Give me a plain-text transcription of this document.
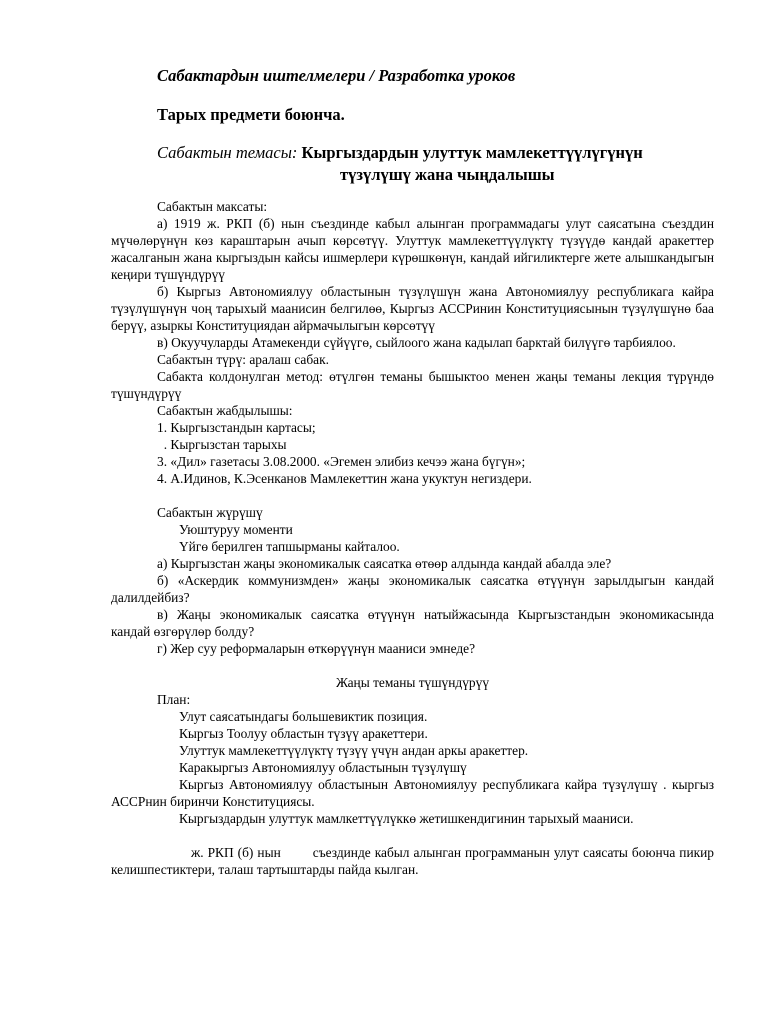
Сабактардын иштелмелери / Разработка уроков
Тарых предмети боюнча.
Сабактын темасы: Кыргыздардын улуттук мамлекеттүүлүгүнүн
түзүлүшү жана чыңдалышы

Сабактын максаты:

а) 1919 ж. РКП (б) нын съездинде кабыл алынган программадагы улут саясатына съезддин мүчөлөрүнүн көз караштарын ачып көрсөтүү. Улуттук мамлекеттүүлүктү түзүүдө кандай аракеттер жасалганын жана кыргыздын кайсы ишмерлери күрөшкөнүн, кандай ийгиликтерге жете алышкандыгын кеңири түшүндүрүү

б) Кыргыз Автономиялуу областынын түзүлүшүн жана Автономиялуу республикага кайра түзүлүшүнүн чоң тарыхый маанисин белгилөө, Кыргыз АССРинин Конституциясынын түзүлүшүнө баа берүү, азыркы Конституциядан айрмачылыгын көрсөтүү

в) Окуучуларды Атамекенди сүйүүгө, сыйлоого жана кадылап барктай билүүгө тарбиялоо.

Сабактын түрү: аралаш сабак.

Сабакта колдонулган метод: өтүлгөн теманы бышыктоо менен жаңы теманы лекция түрүндө түшүндүрүү

Сабактын жабдылышы:

1. Кыргызстандын картасы;

. Кыргызстан тарыхы

3. «Дил» газетасы 3.08.2000. «Эгемен элибиз кечээ жана бүгүн»;

4. А.Идинов, К.Эсенканов Мамлекеттин жана укуктун негиздери.

Сабактын жүрүшү

Уюштуруу моменти

Үйгө берилген тапшырманы кайталоо.

а) Кыргызстан жаңы экономикалык саясатка өтөөр алдында кандай абалда эле?

б) «Аскердик коммунизмден» жаңы экономикалык саясатка өтүүнүн зарылдыгын кандай далилдейбиз?

в) Жаңы экономикалык саясатка өтүүнүн натыйжасында Кыргызстандын экономикасында кандай өзгөрүлөр болду?

г) Жер суу реформаларын өткөрүүнүн мааниси эмнеде?

Жаңы теманы түшүндүрүү

План:

Улут саясатындагы большевиктик позиция.

Кыргыз Тоолуу областын түзүү аракеттери.

Улуттук мамлекеттүүлүктү түзүү үчүн андан аркы аракеттер.

Каракыргыз Автономиялуу областынын түзүлүшү

Кыргыз Автономиялуу областынын Автономиялуу республикага кайра түзүлүшү . кыргыз АССРнин биринчи Конституциясы.

Кыргыздардын улуттук мамлкеттүүлүккө жетишкендигинин тарыхый мааниси.

ж. РКП (б) нын        съездинде кабыл алынган программанын улут саясаты боюнча пикир келишпестиктери, талаш тартыштарды пайда кылган.
